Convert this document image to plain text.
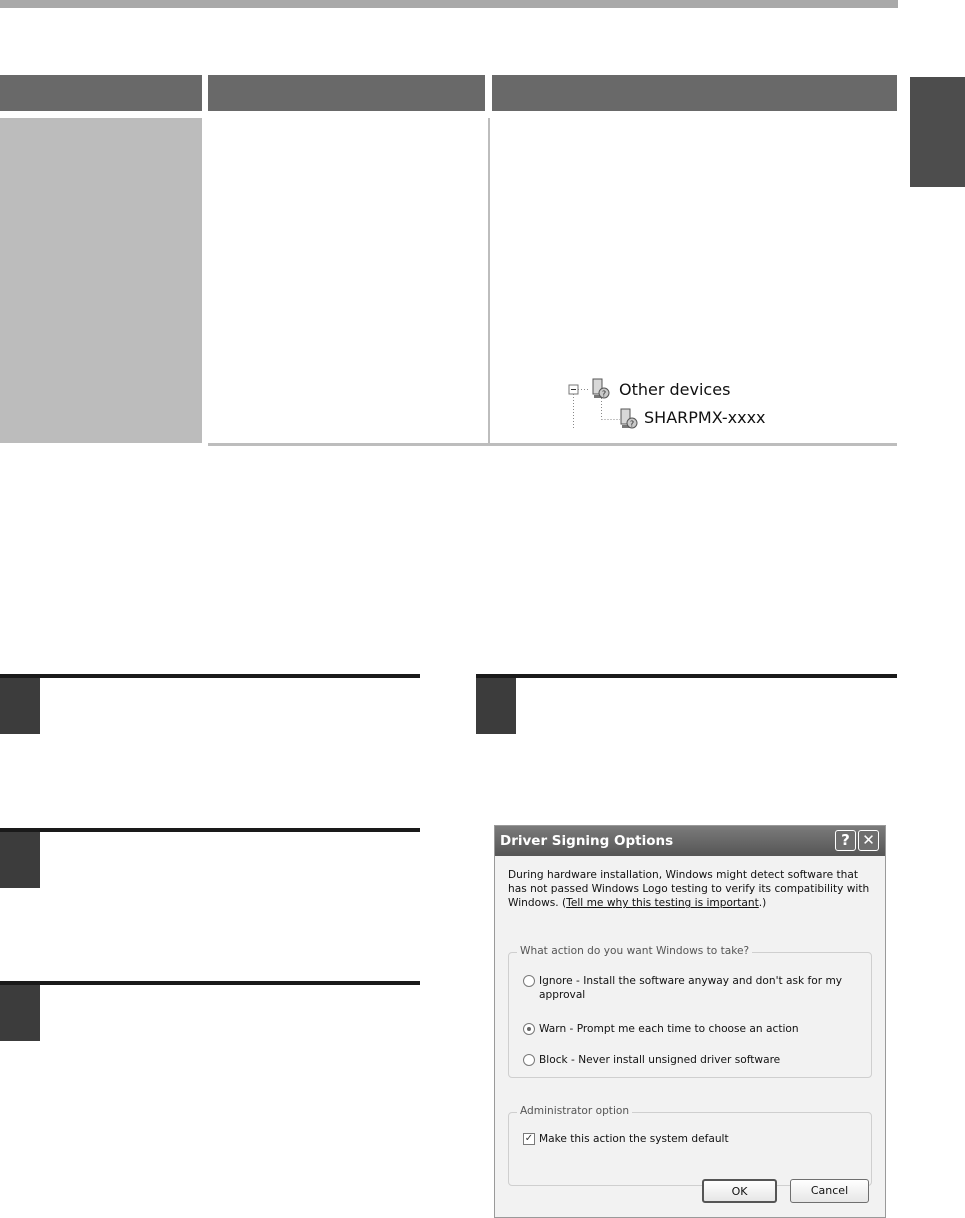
? Other devices
? SHARPMX-xxxx
Driver Signing Options	? ✕
During hardware installation, Windows might detect software that has not passed Windows Logo testing to verify its compatibility with Windows. (Tell me why this testing is important.)
What action do you want Windows to take?
Ignore - Install the software anyway and don't ask for my approval
Warn - Prompt me each time to choose an action
Block - Never install unsigned driver software
Administrator option
✓ Make this action the system default
OK	Cancel
